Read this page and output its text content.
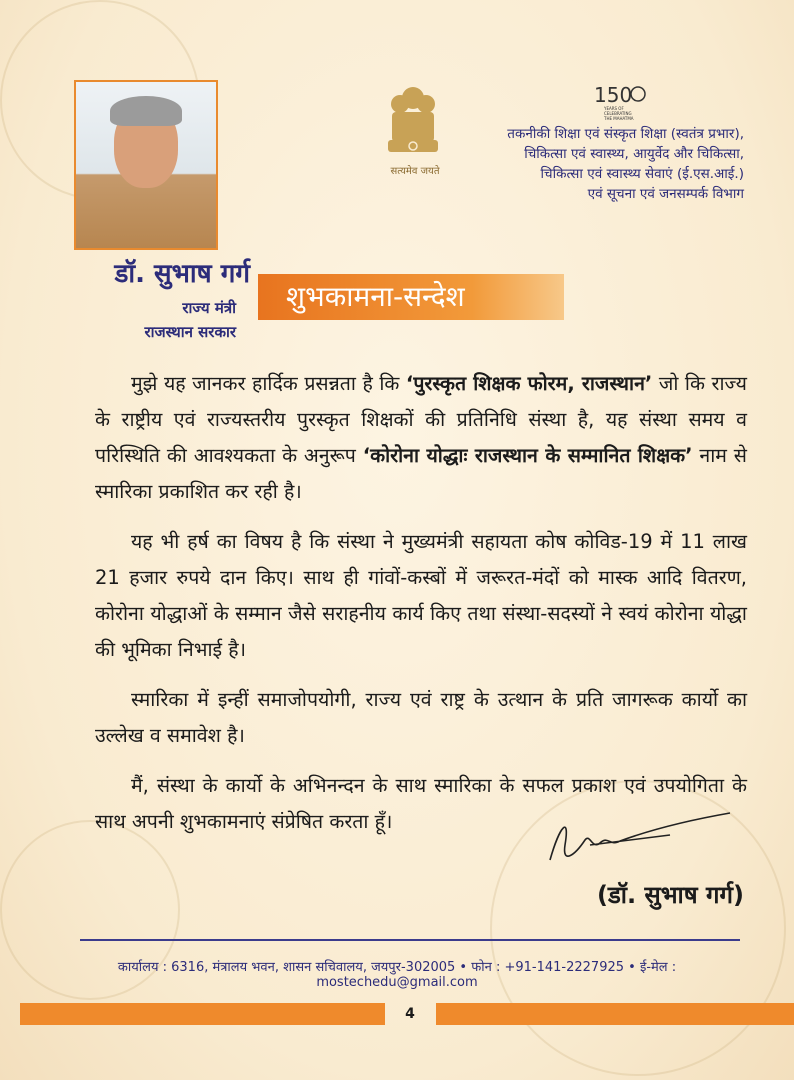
सत्यमेव जयते
150
YEARS OF
CELEBRATING
THE MAHATMA
तकनीकी शिक्षा एवं संस्कृत शिक्षा (स्वतंत्र प्रभार),
चिकित्सा एवं स्वास्थ्य, आयुर्वेद और चिकित्सा,
चिकित्सा एवं स्वास्थ्य सेवाएं (ई.एस.आई.)
एवं सूचना एवं जनसम्पर्क विभाग
डॉ. सुभाष गर्ग
राज्य मंत्री
राजस्थान सरकार
शुभकामना-सन्देश

मुझे यह जानकर हार्दिक प्रसन्नता है कि ‘पुरस्कृत शिक्षक फोरम, राजस्थान’ जो कि राज्य के राष्ट्रीय एवं राज्यस्तरीय पुरस्कृत शिक्षकों की प्रतिनिधि संस्था है, यह संस्था समय व परिस्थिति की आवश्यकता के अनुरूप ‘कोरोना योद्धाः राजस्थान के सम्मानित शिक्षक’ नाम से स्मारिका प्रकाशित कर रही है।

यह भी हर्ष का विषय है कि संस्था ने मुख्यमंत्री सहायता कोष कोविड-19 में 11 लाख 21 हजार रुपये दान किए। साथ ही गांवों-कस्बों में जरूरत-मंदों को मास्क आदि वितरण, कोरोना योद्धाओं के सम्मान जैसे सराहनीय कार्य किए तथा संस्था-सदस्यों ने स्वयं कोरोना योद्धा की भूमिका निभाई है।

स्मारिका में इन्हीं समाजोपयोगी, राज्य एवं राष्ट्र के उत्थान के प्रति जागरूक कार्यो का उल्लेख व समावेश है।

मैं, संस्था के कार्यो के अभिनन्दन के साथ स्मारिका के सफल प्रकाश एवं उपयोगिता के साथ अपनी शुभकामनाएं संप्रेषित करता हूँ।

(डॉ. सुभाष गर्ग)
कार्यालय : 6316, मंत्रालय भवन, शासन सचिवालय, जयपुर-302005 • फोन : +91-141-2227925 • ई-मेल : mostechedu@gmail.com
4
